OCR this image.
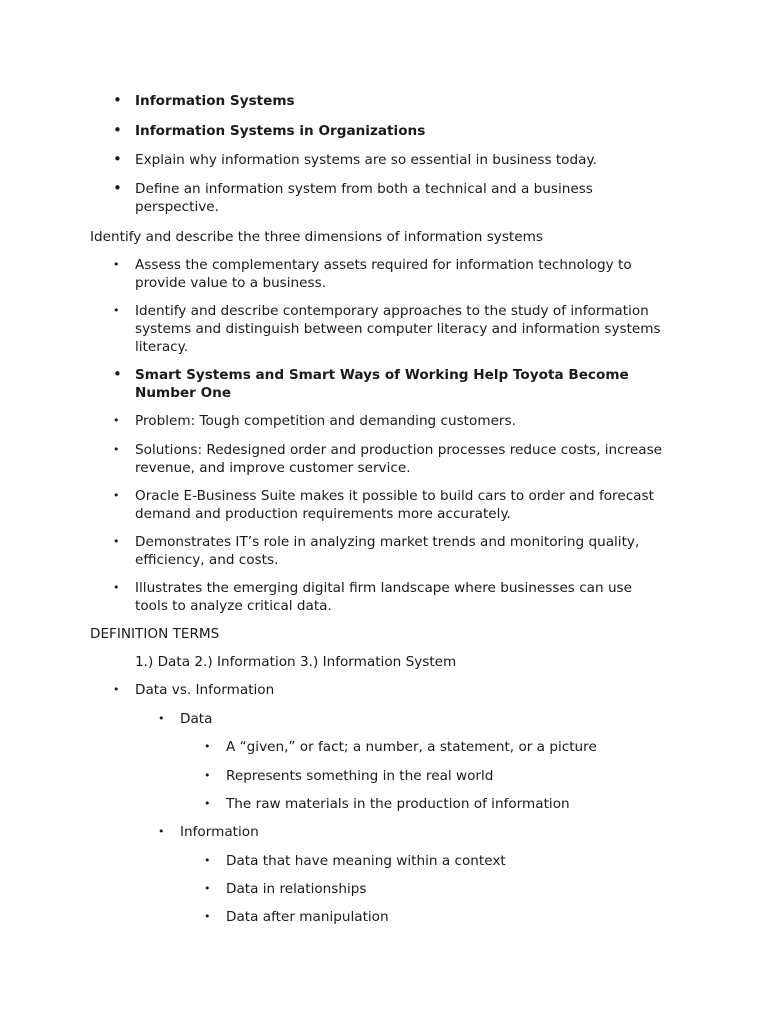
• Information Systems
• Information Systems in Organizations
• Explain why information systems are so essential in business today.
• Define an information system from both a technical and a business
perspective.
Identify and describe the three dimensions of information systems
• Assess the complementary assets required for information technology to
provide value to a business.
• Identify and describe contemporary approaches to the study of information
systems and distinguish between computer literacy and information systems
literacy.
• Smart Systems and Smart Ways of Working Help Toyota Become
Number One
• Problem: Tough competition and demanding customers.
• Solutions: Redesigned order and production processes reduce costs, increase
revenue, and improve customer service.
• Oracle E-Business Suite makes it possible to build cars to order and forecast
demand and production requirements more accurately.
• Demonstrates IT’s role in analyzing market trends and monitoring quality,
efficiency, and costs.
• Illustrates the emerging digital firm landscape where businesses can use
tools to analyze critical data.
DEFINITION TERMS
1.) Data 2.) Information 3.) Information System
• Data vs. Information
• Data
• A “given,” or fact; a number, a statement, or a picture
• Represents something in the real world
• The raw materials in the production of information
• Information
• Data that have meaning within a context
• Data in relationships
• Data after manipulation
